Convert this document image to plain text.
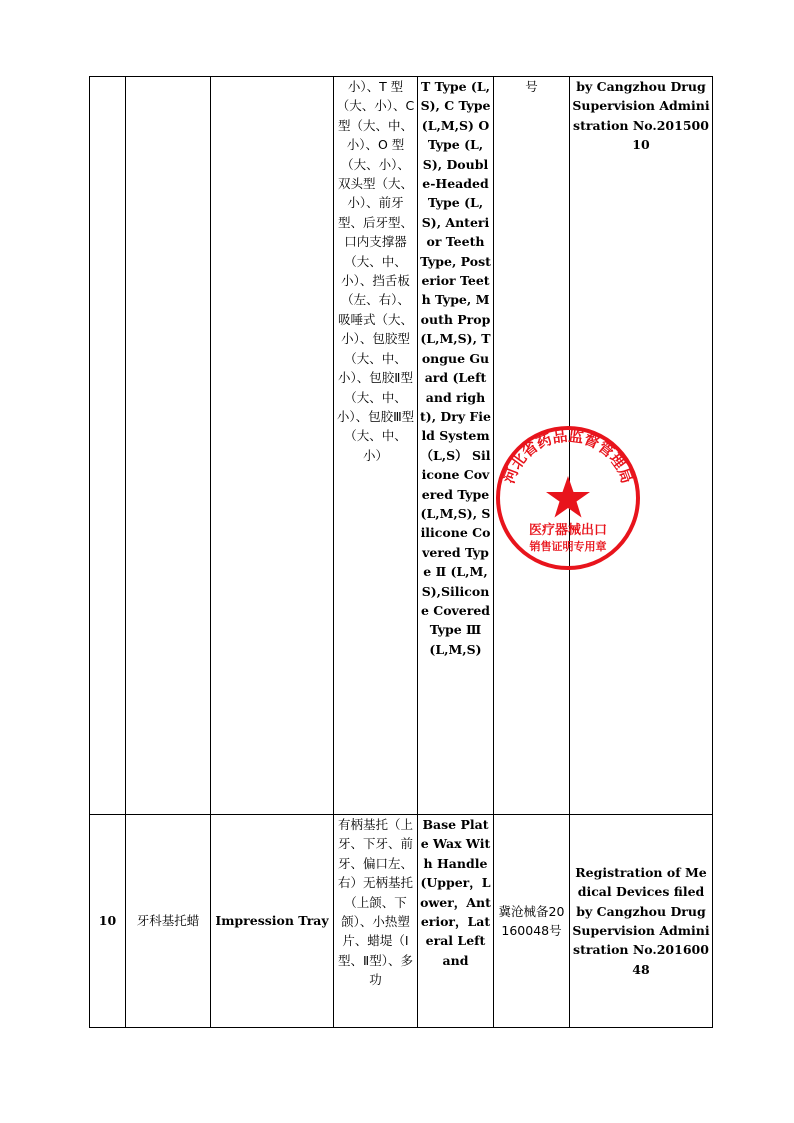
			小）、T 型（大、小）、C 型（大、中、小）、O 型（大、小）、双头型（大、小）、前牙型、后牙型、口内支撑器（大、中、小）、挡舌板（左、右）、吸唾式（大、小）、包胶型（大、中、小）、包胶Ⅱ型（大、中、小）、包胶Ⅲ型（大、中、小）	T Type (L,S), C Type (L,M,S) O Type (L,S), Double-Headed Type (L,S), Anterior Teeth Type, Posterior Teeth Type, Mouth Prop (L,M,S), Tongue Guard (Left and right), Dry Field System （L,S） Silicone Covered Type (L,M,S), Silicone Covered Type Ⅱ (L,M,S),Silicone Covered Type Ⅲ (L,M,S)	号	by Cangzhou Drug Supervision Administration No.20150010
10	牙科基托蜡	Impression Tray	有柄基托（上牙、下牙、前牙、偏口左、右）无柄基托（上颌、下颌）、小热塑片、蜡堤（Ⅰ型、Ⅱ型）、多功	Base Plate Wax With Handle (Upper，Lower，Anterior，Lateral Left and	冀沧械备20160048号	Registration of Medical Devices filed by Cangzhou Drug Supervision Administration No.20160048
河北省药品监督管理局
医疗器械出口
销售证明专用章
